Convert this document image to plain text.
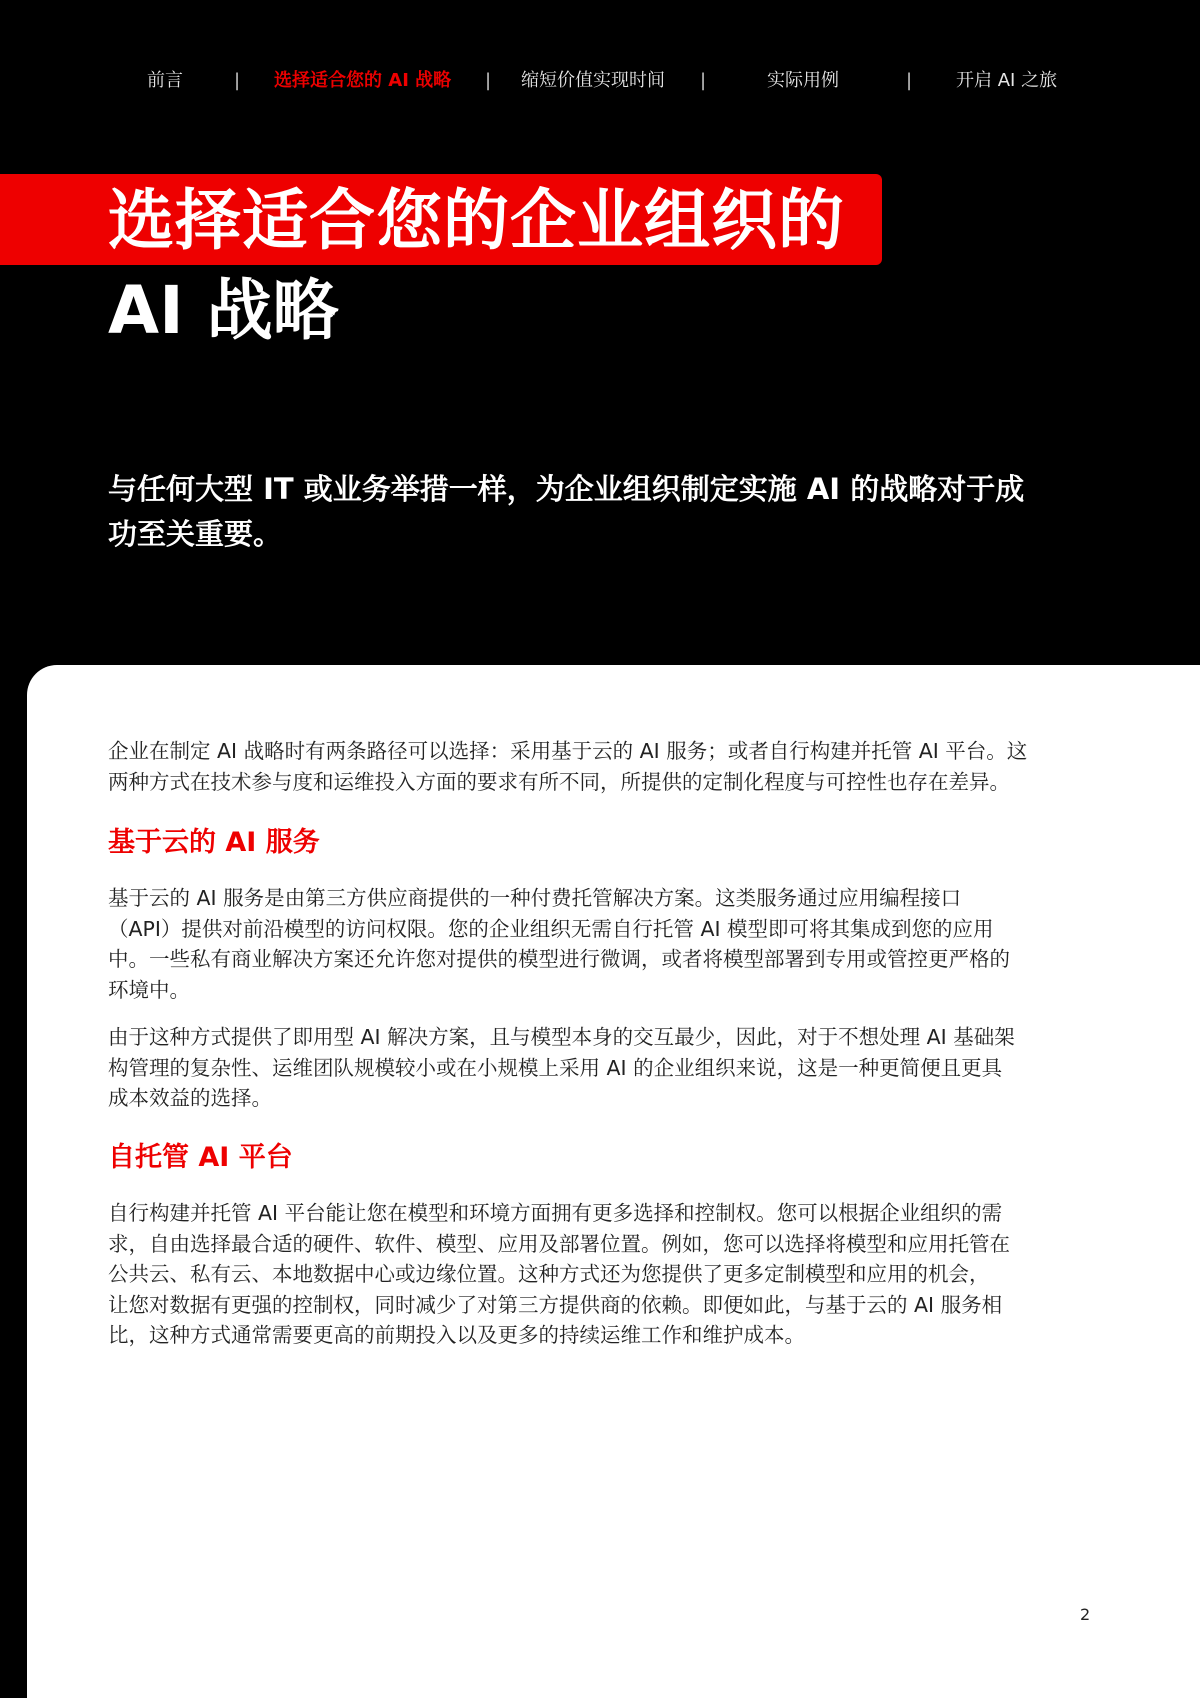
前言	| 选择适合您的 AI 战略 | 缩短价值实现时间 |	实际用例	| 开启 AI 之旅
选择适合您的企业组织的
AI 战略
与任何大型 IT 或业务举措一样，为企业组织制定实施 AI 的战略对于成
功至关重要。
企业在制定 AI 战略时有两条路径可以选择：采用基于云的 AI 服务；或者自行构建并托管 AI 平台。这
两种方式在技术参与度和运维投入方面的要求有所不同，所提供的定制化程度与可控性也存在差异。
基于云的 AI 服务
基于云的 AI 服务是由第三方供应商提供的一种付费托管解决方案。这类服务通过应用编程接口
（API）提供对前沿模型的访问权限。您的企业组织无需自行托管 AI 模型即可将其集成到您的应用
中。一些私有商业解决方案还允许您对提供的模型进行微调，或者将模型部署到专用或管控更严格的
环境中。
由于这种方式提供了即用型 AI 解决方案，且与模型本身的交互最少，因此，对于不想处理 AI 基础架
构管理的复杂性、运维团队规模较小或在小规模上采用 AI 的企业组织来说，这是一种更简便且更具
成本效益的选择。
自托管 AI 平台
自行构建并托管 AI 平台能让您在模型和环境方面拥有更多选择和控制权。您可以根据企业组织的需
求，自由选择最合适的硬件、软件、模型、应用及部署位置。例如，您可以选择将模型和应用托管在
公共云、私有云、本地数据中心或边缘位置。这种方式还为您提供了更多定制模型和应用的机会，
让您对数据有更强的控制权，同时减少了对第三方提供商的依赖。即便如此，与基于云的 AI 服务相
比，这种方式通常需要更高的前期投入以及更多的持续运维工作和维护成本。
2
